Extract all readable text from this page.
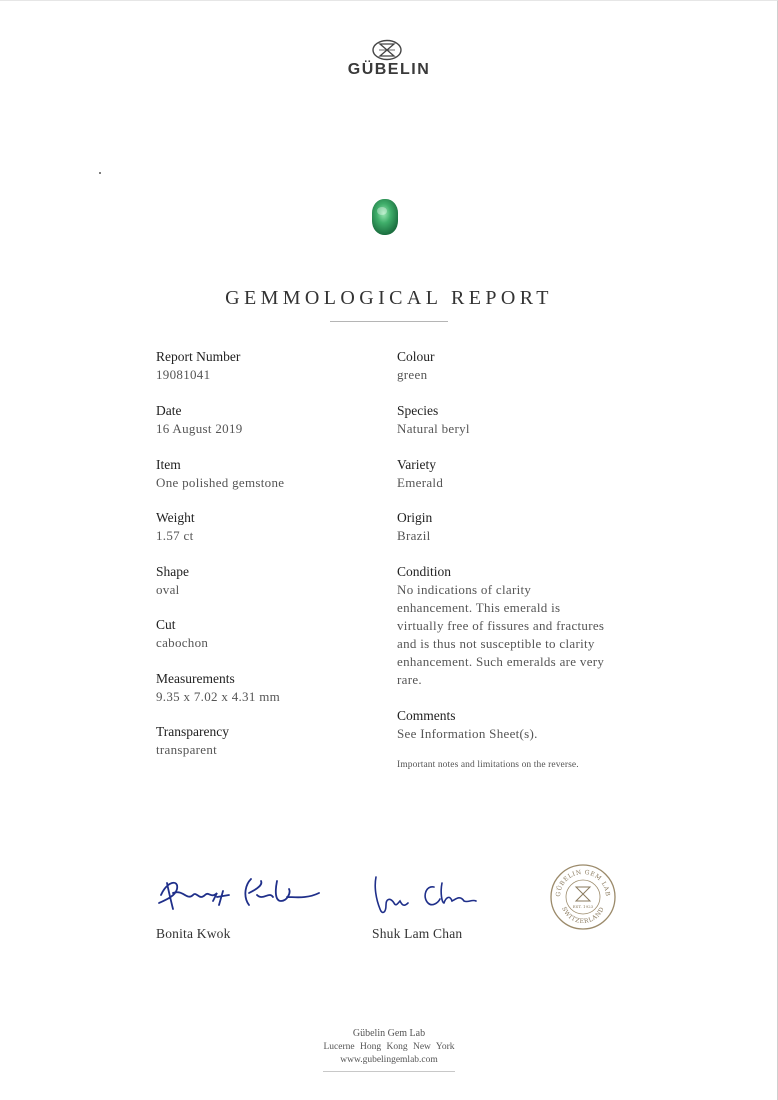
GÜBELIN
GEMMOLOGICAL REPORT
Report Number
19081041
Date
16 August 2019
Item
One polished gemstone
Weight
1.57 ct
Shape
oval
Cut
cabochon
Measurements
9.35 x 7.02 x 4.31 mm
Transparency
transparent
Colour
green
Species
Natural beryl
Variety
Emerald
Origin
Brazil
Condition
No indications of clarity
enhancement. This emerald is
virtually free of fissures and fractures
and is thus not susceptible to clarity
enhancement. Such emeralds are very
rare.
Comments
See Information Sheet(s).
Important notes and limitations on the reverse.
Bonita Kwok	Shuk Lam Chan
GÜBELIN GEM LAB
SWITZERLAND
EST. 1923
Gübelin Gem Lab
Lucerne Hong Kong New York
www.gubelingemlab.com
